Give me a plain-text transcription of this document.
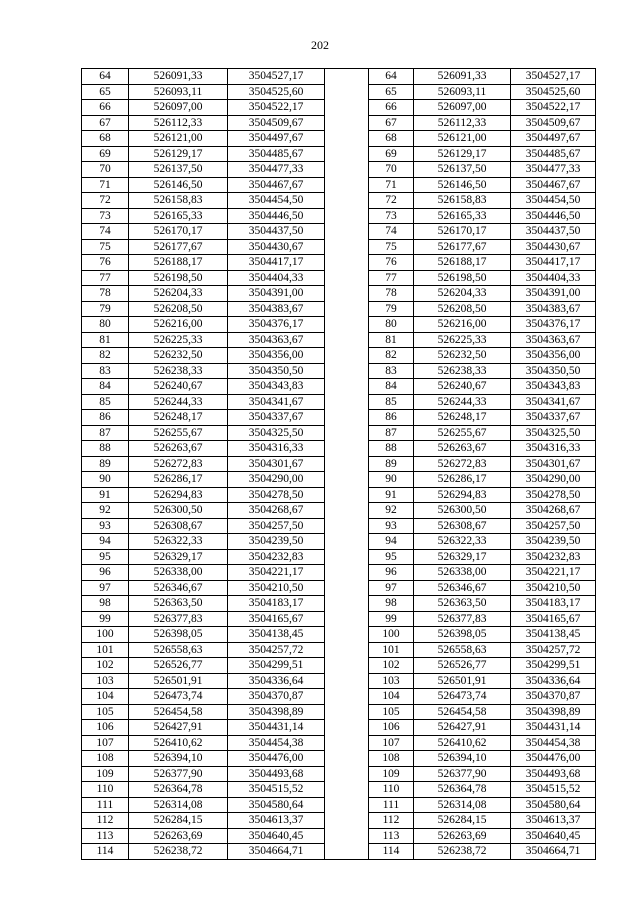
202
64	526091,33	3504527,17		64	526091,33	3504527,17
65	526093,11	3504525,60		65	526093,11	3504525,60
66	526097,00	3504522,17		66	526097,00	3504522,17
67	526112,33	3504509,67		67	526112,33	3504509,67
68	526121,00	3504497,67		68	526121,00	3504497,67
69	526129,17	3504485,67		69	526129,17	3504485,67
70	526137,50	3504477,33		70	526137,50	3504477,33
71	526146,50	3504467,67		71	526146,50	3504467,67
72	526158,83	3504454,50		72	526158,83	3504454,50
73	526165,33	3504446,50		73	526165,33	3504446,50
74	526170,17	3504437,50		74	526170,17	3504437,50
75	526177,67	3504430,67		75	526177,67	3504430,67
76	526188,17	3504417,17		76	526188,17	3504417,17
77	526198,50	3504404,33		77	526198,50	3504404,33
78	526204,33	3504391,00		78	526204,33	3504391,00
79	526208,50	3504383,67		79	526208,50	3504383,67
80	526216,00	3504376,17		80	526216,00	3504376,17
81	526225,33	3504363,67		81	526225,33	3504363,67
82	526232,50	3504356,00		82	526232,50	3504356,00
83	526238,33	3504350,50		83	526238,33	3504350,50
84	526240,67	3504343,83		84	526240,67	3504343,83
85	526244,33	3504341,67		85	526244,33	3504341,67
86	526248,17	3504337,67		86	526248,17	3504337,67
87	526255,67	3504325,50		87	526255,67	3504325,50
88	526263,67	3504316,33		88	526263,67	3504316,33
89	526272,83	3504301,67		89	526272,83	3504301,67
90	526286,17	3504290,00		90	526286,17	3504290,00
91	526294,83	3504278,50		91	526294,83	3504278,50
92	526300,50	3504268,67		92	526300,50	3504268,67
93	526308,67	3504257,50		93	526308,67	3504257,50
94	526322,33	3504239,50		94	526322,33	3504239,50
95	526329,17	3504232,83		95	526329,17	3504232,83
96	526338,00	3504221,17		96	526338,00	3504221,17
97	526346,67	3504210,50		97	526346,67	3504210,50
98	526363,50	3504183,17		98	526363,50	3504183,17
99	526377,83	3504165,67		99	526377,83	3504165,67
100	526398,05	3504138,45		100	526398,05	3504138,45
101	526558,63	3504257,72		101	526558,63	3504257,72
102	526526,77	3504299,51		102	526526,77	3504299,51
103	526501,91	3504336,64		103	526501,91	3504336,64
104	526473,74	3504370,87		104	526473,74	3504370,87
105	526454,58	3504398,89		105	526454,58	3504398,89
106	526427,91	3504431,14		106	526427,91	3504431,14
107	526410,62	3504454,38		107	526410,62	3504454,38
108	526394,10	3504476,00		108	526394,10	3504476,00
109	526377,90	3504493,68		109	526377,90	3504493,68
110	526364,78	3504515,52		110	526364,78	3504515,52
111	526314,08	3504580,64		111	526314,08	3504580,64
112	526284,15	3504613,37		112	526284,15	3504613,37
113	526263,69	3504640,45		113	526263,69	3504640,45
114	526238,72	3504664,71		114	526238,72	3504664,71
